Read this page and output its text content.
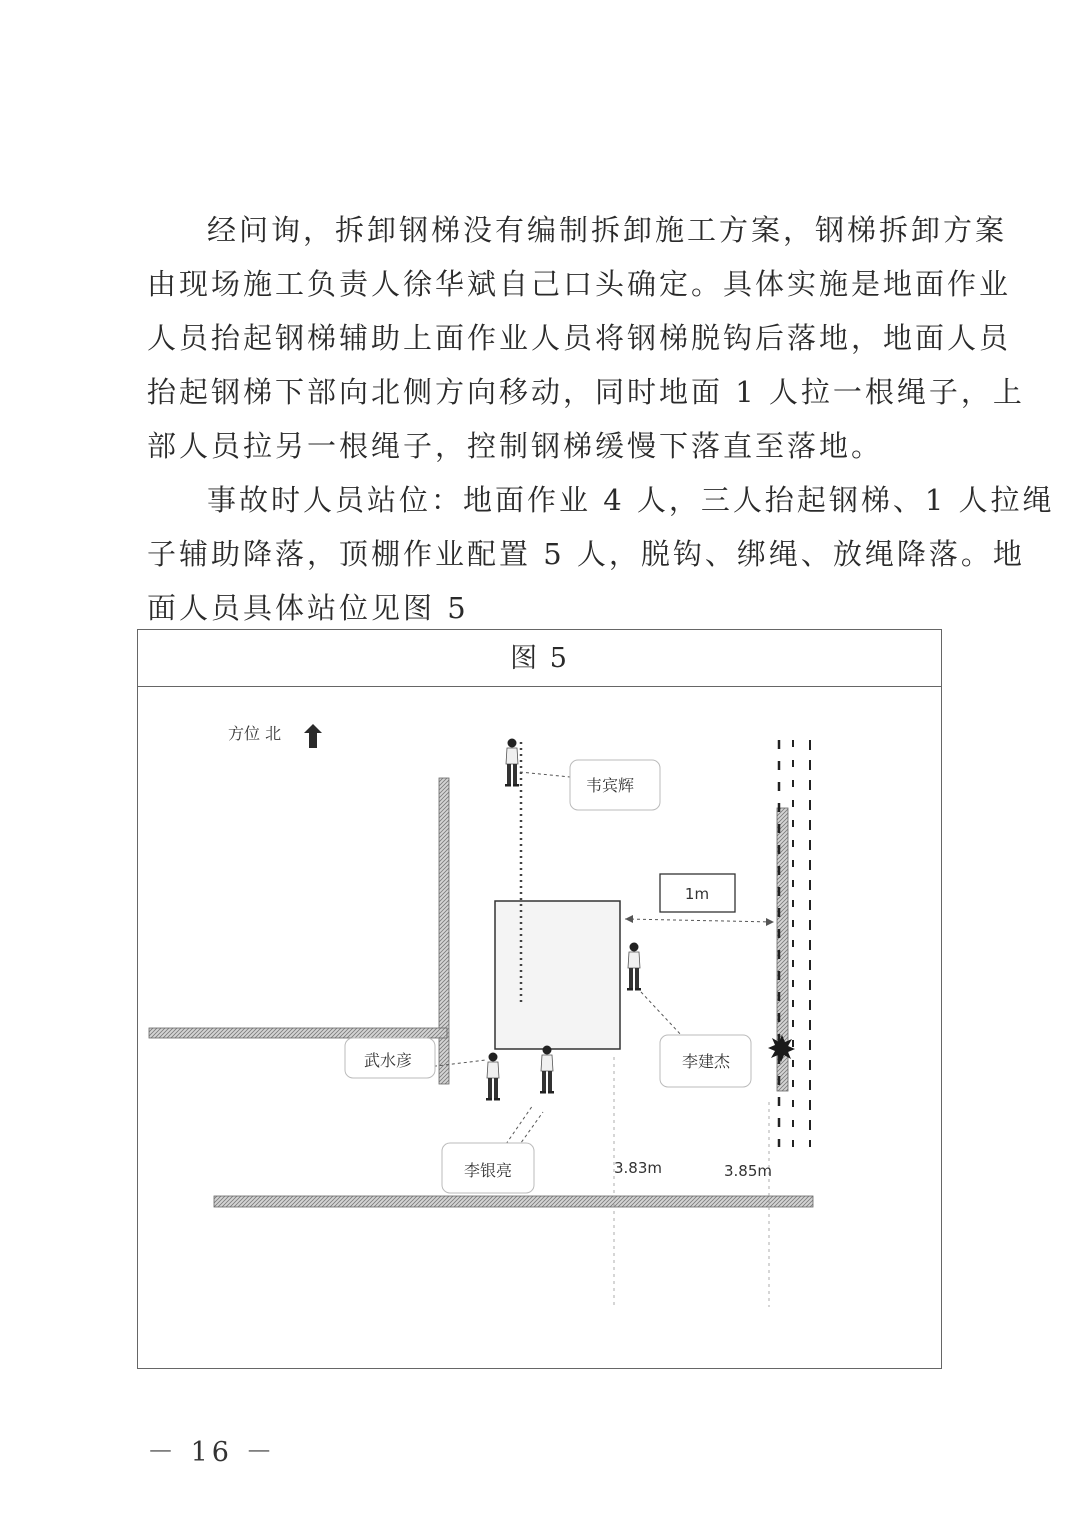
经问询，拆卸钢梯没有编制拆卸施工方案，钢梯拆卸方案
由现场施工负责人徐华斌自己口头确定。具体实施是地面作业
人员抬起钢梯辅助上面作业人员将钢梯脱钩后落地，地面人员
抬起钢梯下部向北侧方向移动，同时地面 1 人拉一根绳子，上
部人员拉另一根绳子，控制钢梯缓慢下落直至落地。
事故时人员站位：地面作业 4 人，三人抬起钢梯、1 人拉绳
子辅助降落，顶棚作业配置 5 人，脱钩、绑绳、放绳降落。地
面人员具体站位见图 5
图 5
方位 北
韦宾辉
1m
李建杰
武水彦
李银亮	3.83m	3.85m
－ 16 －
